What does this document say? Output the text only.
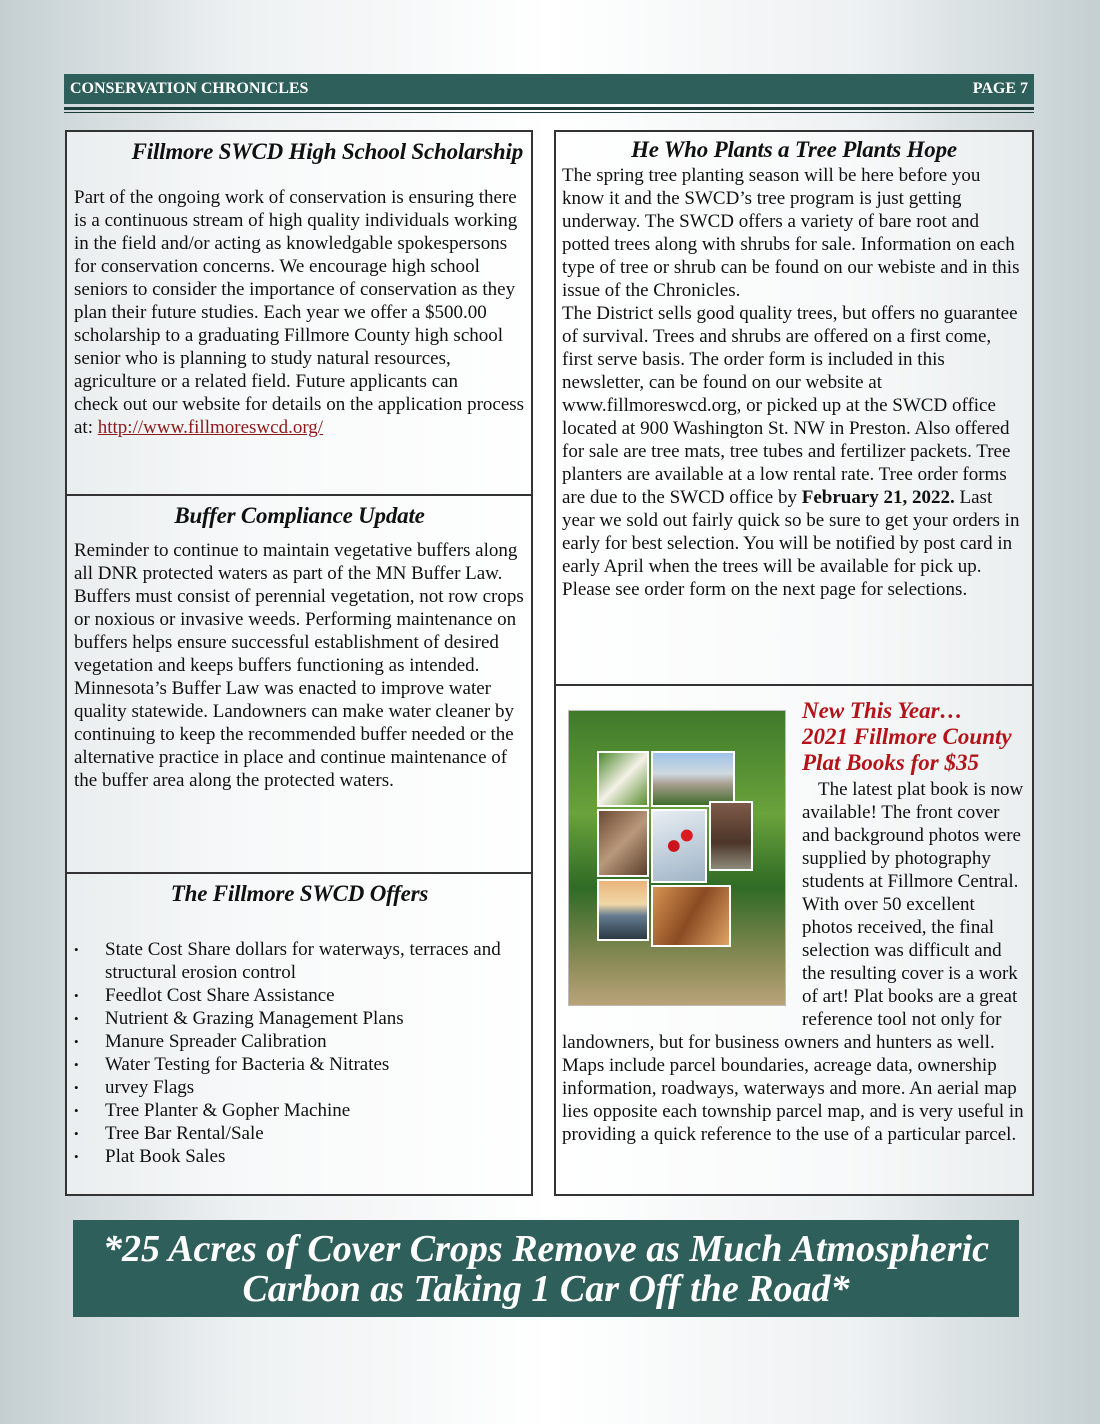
CONSERVATION CHRONICLES	PAGE 7
Fillmore SWCD High School Scholarship

Part of the ongoing work of conservation is ensuring there is a continuous stream of high quality individuals working in the field and/or acting as knowledgable spokespersons for conservation concerns. We encourage high school seniors to consider the importance of conservation as they plan their future studies. Each year we offer a $500.00 scholarship to a graduating Fillmore County high school senior who is planning to study natural resources, agriculture or a related field. Future applicants can
check out our website for details on the application process at: http://www.fillmoreswcd.org/

Buffer Compliance Update

Reminder to continue to maintain vegetative buffers along all DNR protected waters as part of the MN Buffer Law. Buffers must consist of perennial vegetation, not row crops or noxious or invasive weeds. Performing maintenance on buffers helps ensure successful establishment of desired vegetation and keeps buffers functioning as intended. Minnesota’s Buffer Law was enacted to improve water quality statewide. Landowners can make water cleaner by continuing to keep the recommended buffer needed or the alternative practice in place and continue maintenance of the buffer area along the protected waters.

The Fillmore SWCD Offers
• State Cost Share dollars for waterways, terraces and structural erosion control
• Feedlot Cost Share Assistance
• Nutrient & Grazing Management Plans
• Manure Spreader Calibration
• Water Testing for Bacteria & Nitrates
• urvey Flags
• Tree Planter & Gopher Machine
• Tree Bar Rental/Sale
• Plat Book Sales
He Who Plants a Tree Plants Hope

The spring tree planting season will be here before you know it and the SWCD’s tree program is just getting underway. The SWCD offers a variety of bare root and potted trees along with shrubs for sale. Information on each type of tree or shrub can be found on our webiste and in this issue of the Chronicles.

The District sells good quality trees, but offers no guarantee of survival. Trees and shrubs are offered on a first come, first serve basis. The order form is included in this newsletter, can be found on our website at www.fillmoreswcd.org, or picked up at the SWCD office located at 900 Washington St. NW in Preston. Also offered for sale are tree mats, tree tubes and fertilizer packets. Tree planters are available at a low rental rate. Tree order forms are due to the SWCD office by February 21, 2022. Last year we sold out fairly quick so be sure to get your orders in early for best selection. You will be notified by post card in early April when the trees will be available for pick up. Please see order form on the next page for selections.

New This Year…
2021 Fillmore County Plat Books for $35

The latest plat book is now available! The front cover and background photos were supplied by photography students at Fillmore Central. With over 50 excellent photos received, the final selection was difficult and the resulting cover is a work of art! Plat books are a great reference tool not only for landowners, but for business owners and hunters as well. Maps include parcel boundaries, acreage data, ownership information, roadways, waterways and more. An aerial map lies opposite each township parcel map, and is very useful in providing a quick reference to the use of a particular parcel.

*25 Acres of Cover Crops Remove as Much Atmospheric
Carbon as Taking 1 Car Off the Road*
